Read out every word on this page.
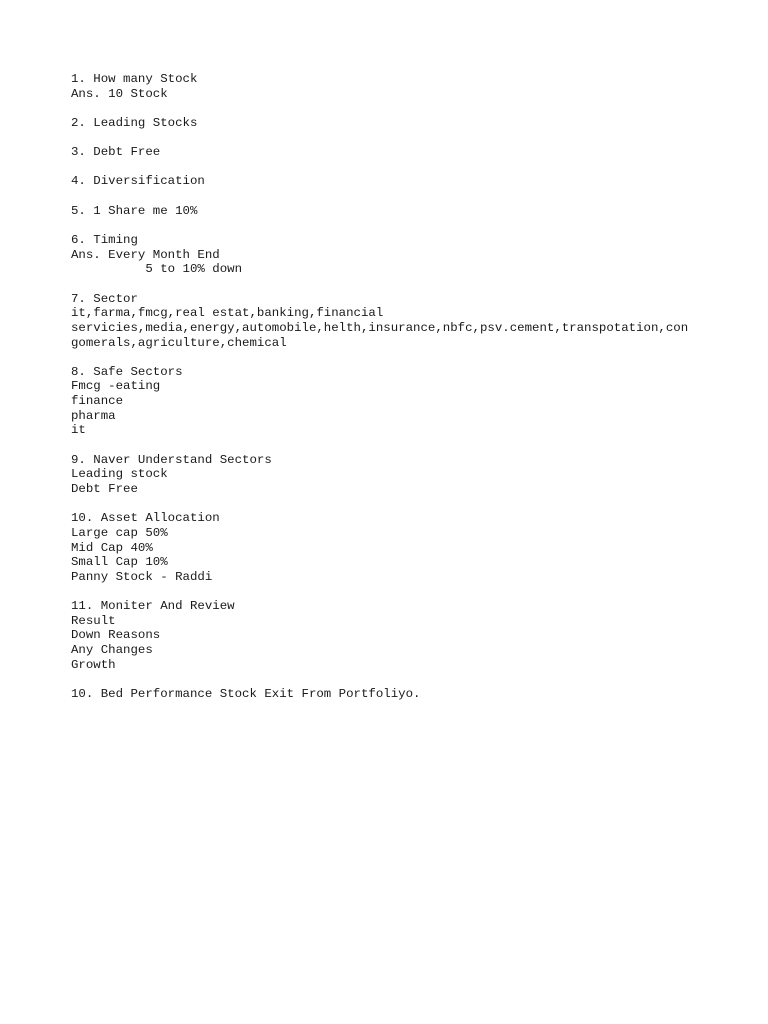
1. How many Stock
Ans. 10 Stock
2. Leading Stocks
3. Debt Free
4. Diversification
5. 1 Share me 10%
6. Timing
Ans. Every Month End
5 to 10% down
7. Sector
it,farma,fmcg,real estat,banking,financial
servicies,media,energy,automobile,helth,insurance,nbfc,psv.cement,transpotation,con
gomerals,agriculture,chemical
8. Safe Sectors
Fmcg -eating
finance
pharma
it
9. Naver Understand Sectors
Leading stock
Debt Free
10. Asset Allocation
Large cap 50%
Mid Cap 40%
Small Cap 10%
Panny Stock - Raddi
11. Moniter And Review
Result
Down Reasons
Any Changes
Growth
10. Bed Performance Stock Exit From Portfoliyo.
